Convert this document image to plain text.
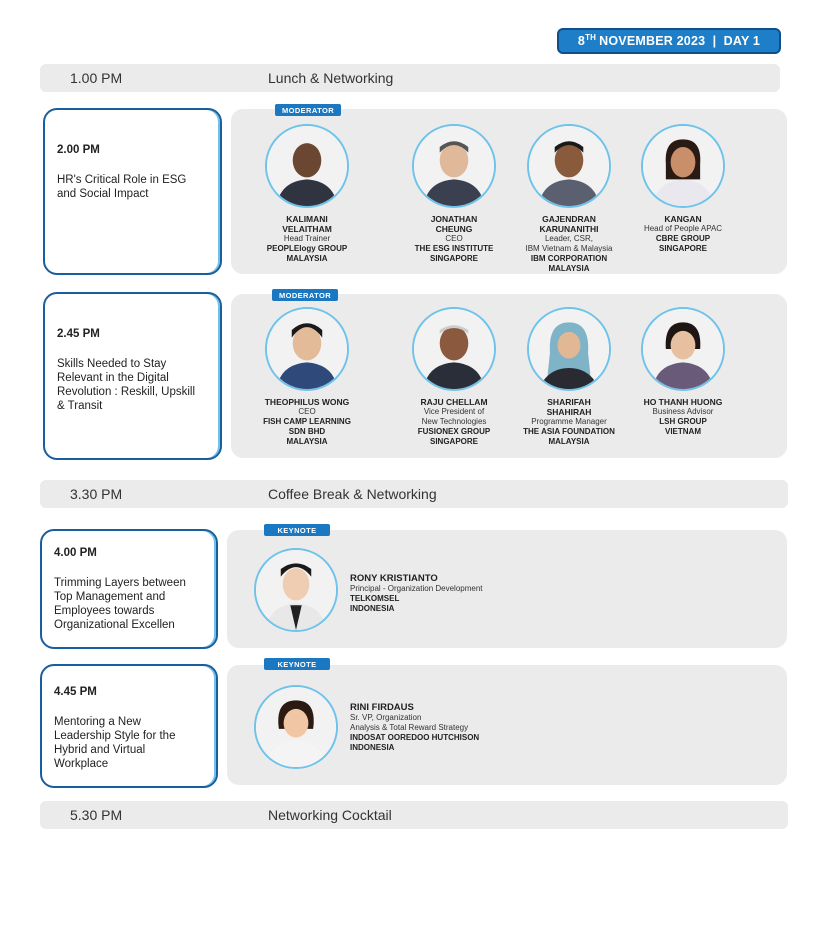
8TH NOVEMBER 2023  |  DAY 1
1.00 PM	Lunch & Networking
2.00 PM
HR's Critical Role in ESG
and Social Impact
MODERATOR
KALIMANI
VELAITHAM
Head Trainer
PEOPLElogy GROUP
MALAYSIA
JONATHAN
CHEUNG
CEO
THE ESG INSTITUTE
SINGAPORE
GAJENDRAN
KARUNANITHI
Leader, CSR,
IBM Vietnam & Malaysia
IBM CORPORATION
MALAYSIA
KANGAN
Head of People APAC
CBRE GROUP
SINGAPORE
2.45 PM
Skills Needed to Stay
Relevant in the Digital
Revolution : Reskill, Upskill
& Transit
MODERATOR
THEOPHILUS WONG
CEO
FISH CAMP LEARNING
SDN BHD
MALAYSIA
RAJU CHELLAM
Vice President of
New Technologies
FUSIONEX GROUP
SINGAPORE
SHARIFAH
SHAHIRAH
Programme Manager
THE ASIA FOUNDATION
MALAYSIA
HO THANH HUONG
Business Advisor
LSH GROUP
VIETNAM
3.30 PM	Coffee Break & Networking
4.00 PM
Trimming Layers between
Top Management and
Employees towards
Organizational Excellen
KEYNOTE
RONY KRISTIANTO
Principal - Organization Development
TELKOMSEL
INDONESIA
4.45 PM
Mentoring a New
Leadership Style for the
Hybrid and Virtual
Workplace
KEYNOTE
RINI FIRDAUS
Sr. VP, Organization
Analysis & Total Reward Strategy
INDOSAT OOREDOO HUTCHISON
INDONESIA
5.30 PM	Networking Cocktail
